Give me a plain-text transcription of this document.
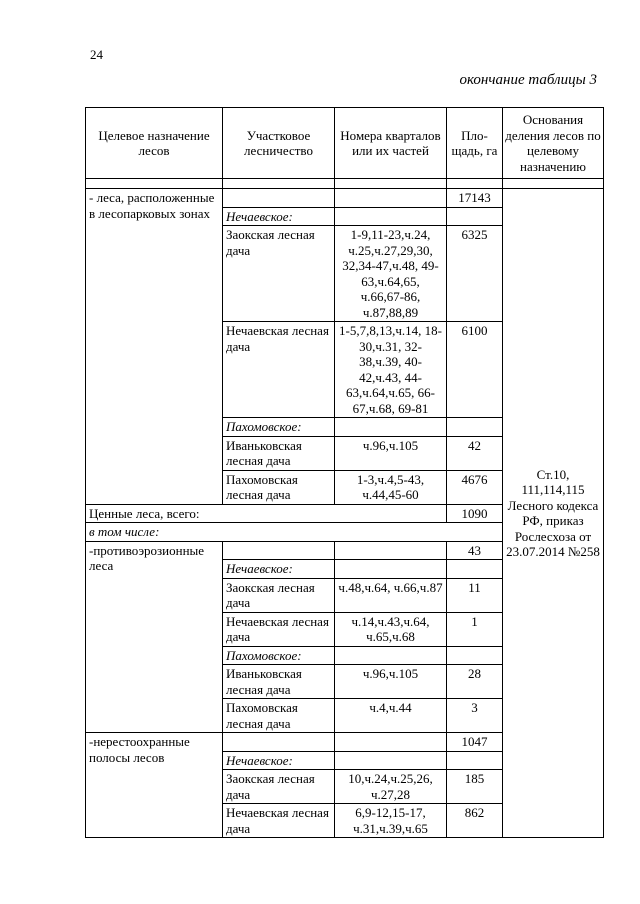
24
окончание таблицы 3
Целевое назначение лесов	Участковое лесничество	Номера кварталов или их частей	Пло-щадь, га	Основания деления лесов по целевому назначению

- леса, расположенные в лесопарковых зонах			17143	Ст.10, 111,114,115 Лесного кодекса РФ, приказ Рослесхоза от 23.07.2014 №258
	Нечаевское:			
	Заокская лесная дача	1-9,11-23,ч.24, ч.25,ч.27,29,30, 32,34-47,ч.48, 49-63,ч.64,65, ч.66,67-86, ч.87,88,89	6325	
	Нечаевская лесная дача	1-5,7,8,13,ч.14, 18-30,ч.31, 32-38,ч.39, 40-42,ч.43, 44-63,ч.64,ч.65, 66-67,ч.68, 69-81	6100	
	Пахомовское:			
	Иваньковская лесная дача	ч.96,ч.105	42	
	Пахомовская лесная дача	1-3,ч.4,5-43, ч.44,45-60	4676	
Ценные леса, всего:			1090	
в том числе:				
-противоэрозионные леса			43	
	Нечаевское:			
	Заокская лесная дача	ч.48,ч.64, ч.66,ч.87	11	
	Нечаевская лесная дача	ч.14,ч.43,ч.64, ч.65,ч.68	1	
	Пахомовское:			
	Иваньковская лесная дача	ч.96,ч.105	28	
	Пахомовская лесная дача	ч.4,ч.44	3	
-нерестоохранные полосы лесов			1047	
	Нечаевское:			
	Заокская лесная дача	10,ч.24,ч.25,26, ч.27,28	185	
	Нечаевская лесная дача	6,9-12,15-17, ч.31,ч.39,ч.65	862	
